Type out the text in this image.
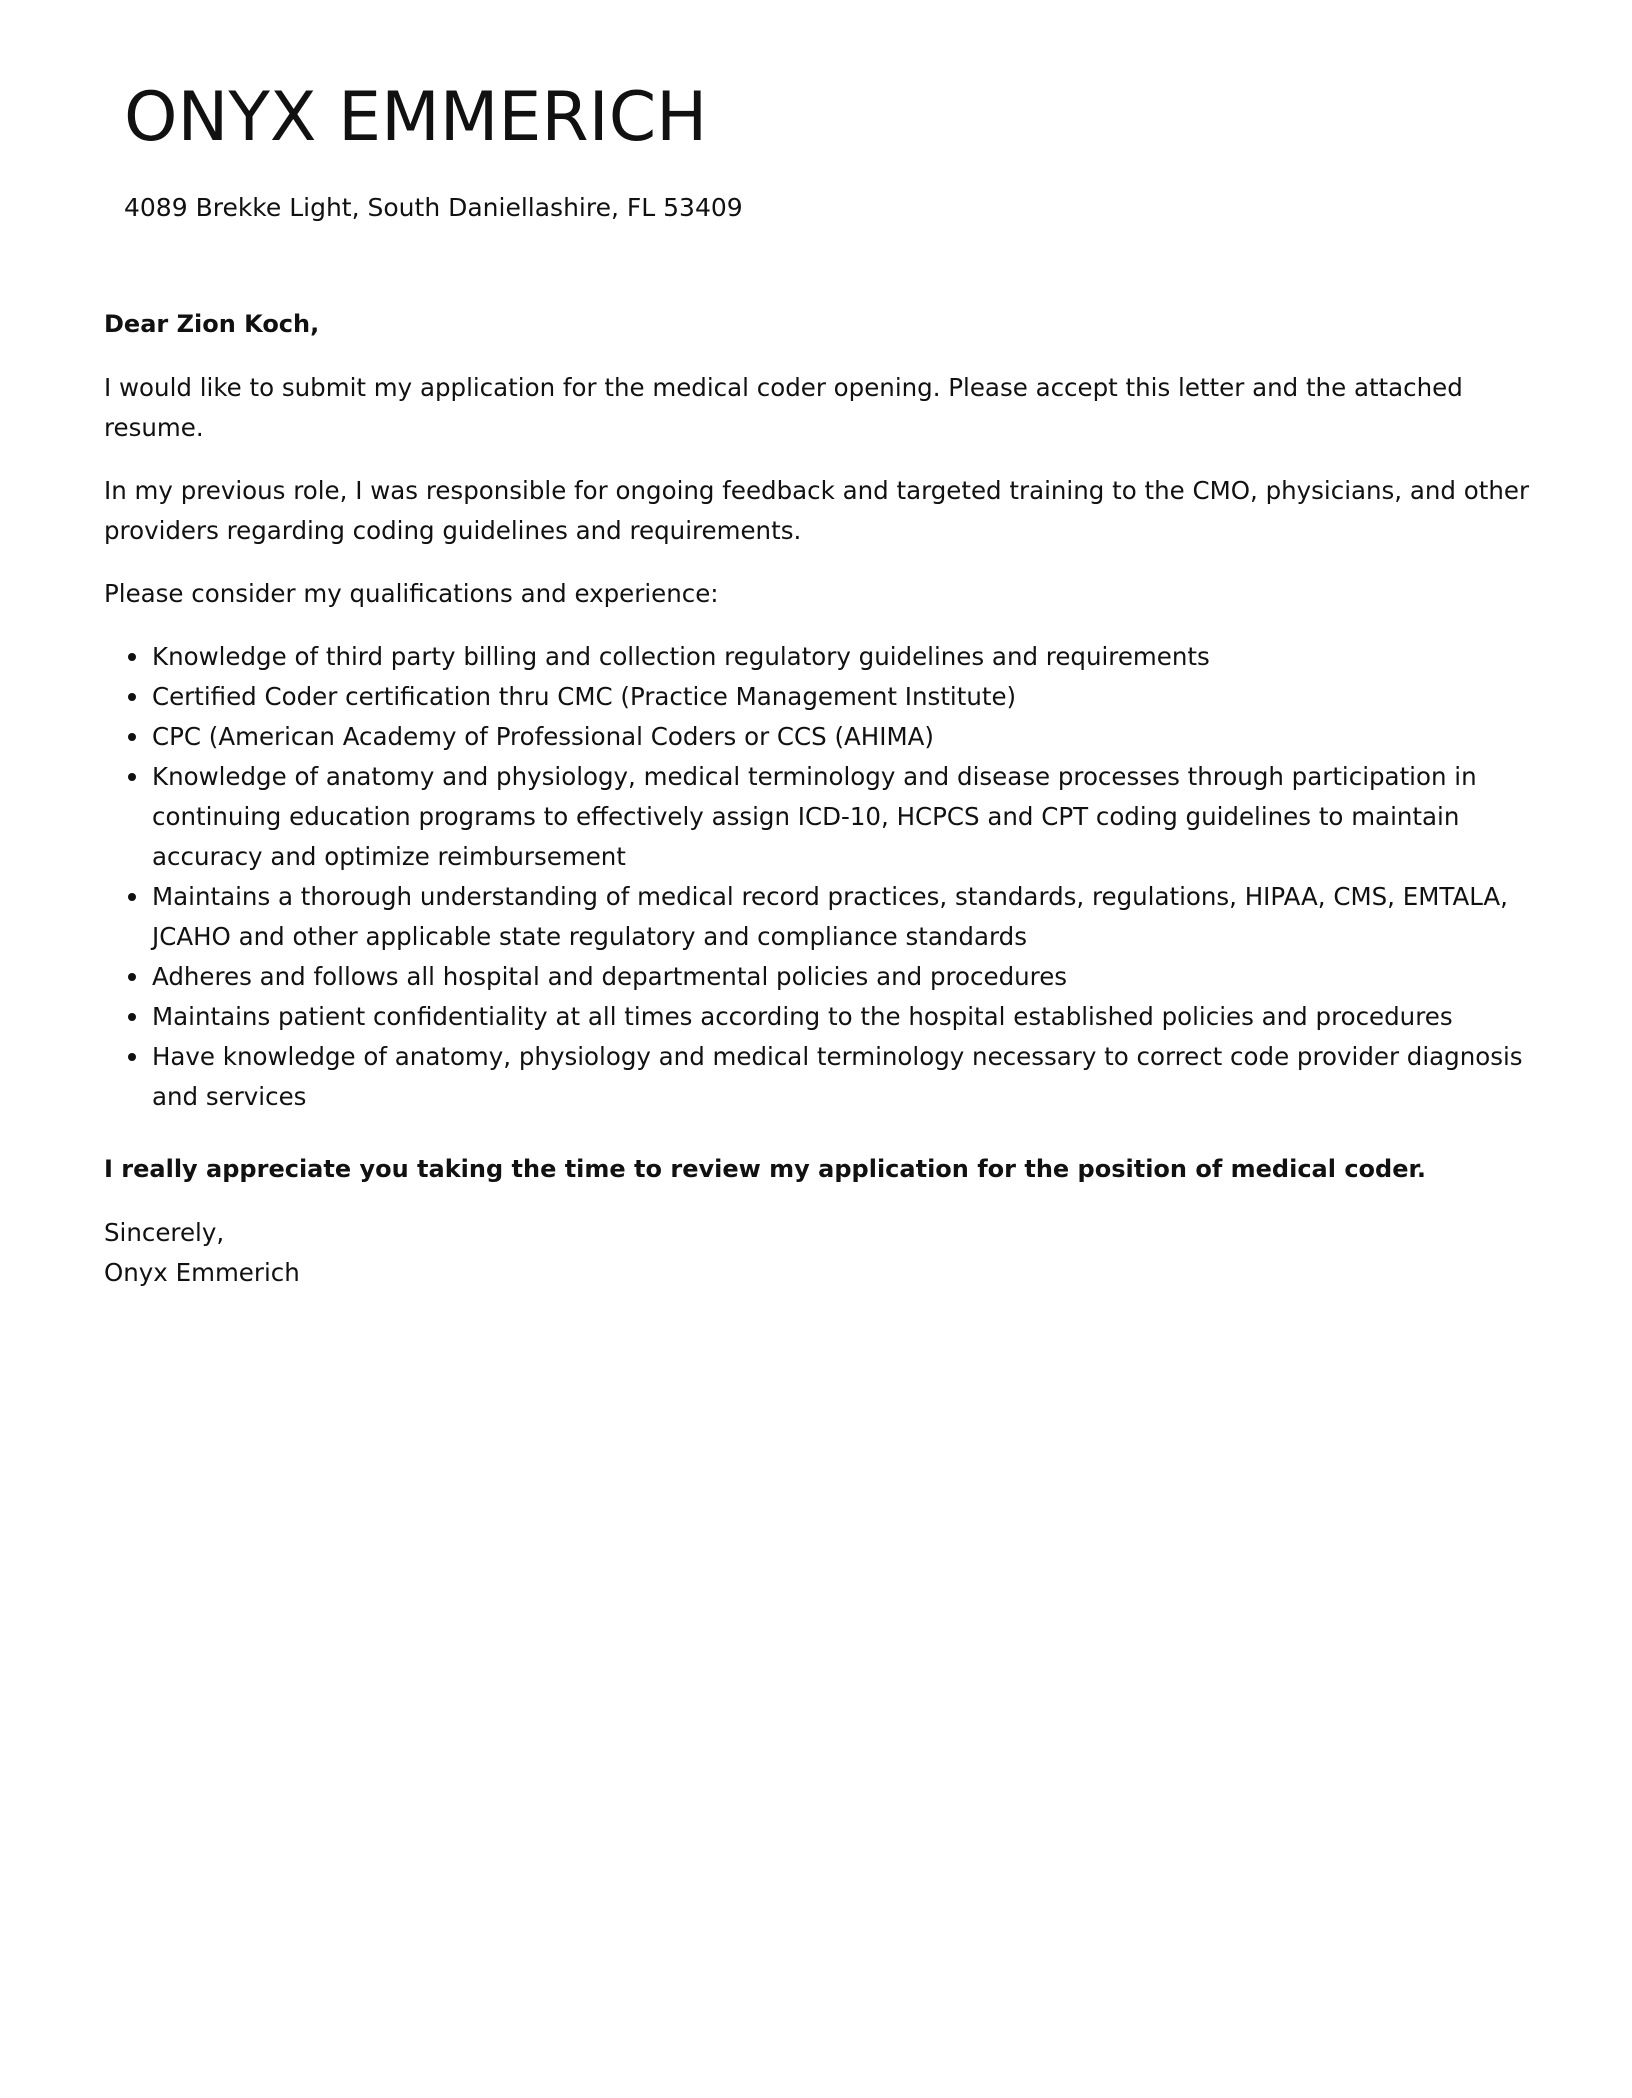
ONYX EMMERICH

4089 Brekke Light, South Daniellashire, FL 53409

Dear Zion Koch,

I would like to submit my application for the medical coder opening. Please accept this letter and the attached resume.

In my previous role, I was responsible for ongoing feedback and targeted training to the CMO, physicians, and other providers regarding coding guidelines and requirements.

Please consider my qualifications and experience:

Knowledge of third party billing and collection regulatory guidelines and requirements
Certified Coder certification thru CMC (Practice Management Institute)
CPC (American Academy of Professional Coders or CCS (AHIMA)
Knowledge of anatomy and physiology, medical terminology and disease processes through participation in continuing education programs to effectively assign ICD-10, HCPCS and CPT coding guidelines to maintain accuracy and optimize reimbursement
Maintains a thorough understanding of medical record practices, standards, regulations, HIPAA, CMS, EMTALA, JCAHO and other applicable state regulatory and compliance standards
Adheres and follows all hospital and departmental policies and procedures
Maintains patient confidentiality at all times according to the hospital established policies and procedures
Have knowledge of anatomy, physiology and medical terminology necessary to correct code provider diagnosis and services

I really appreciate you taking the time to review my application for the position of medical coder.

Sincerely,

Onyx Emmerich
